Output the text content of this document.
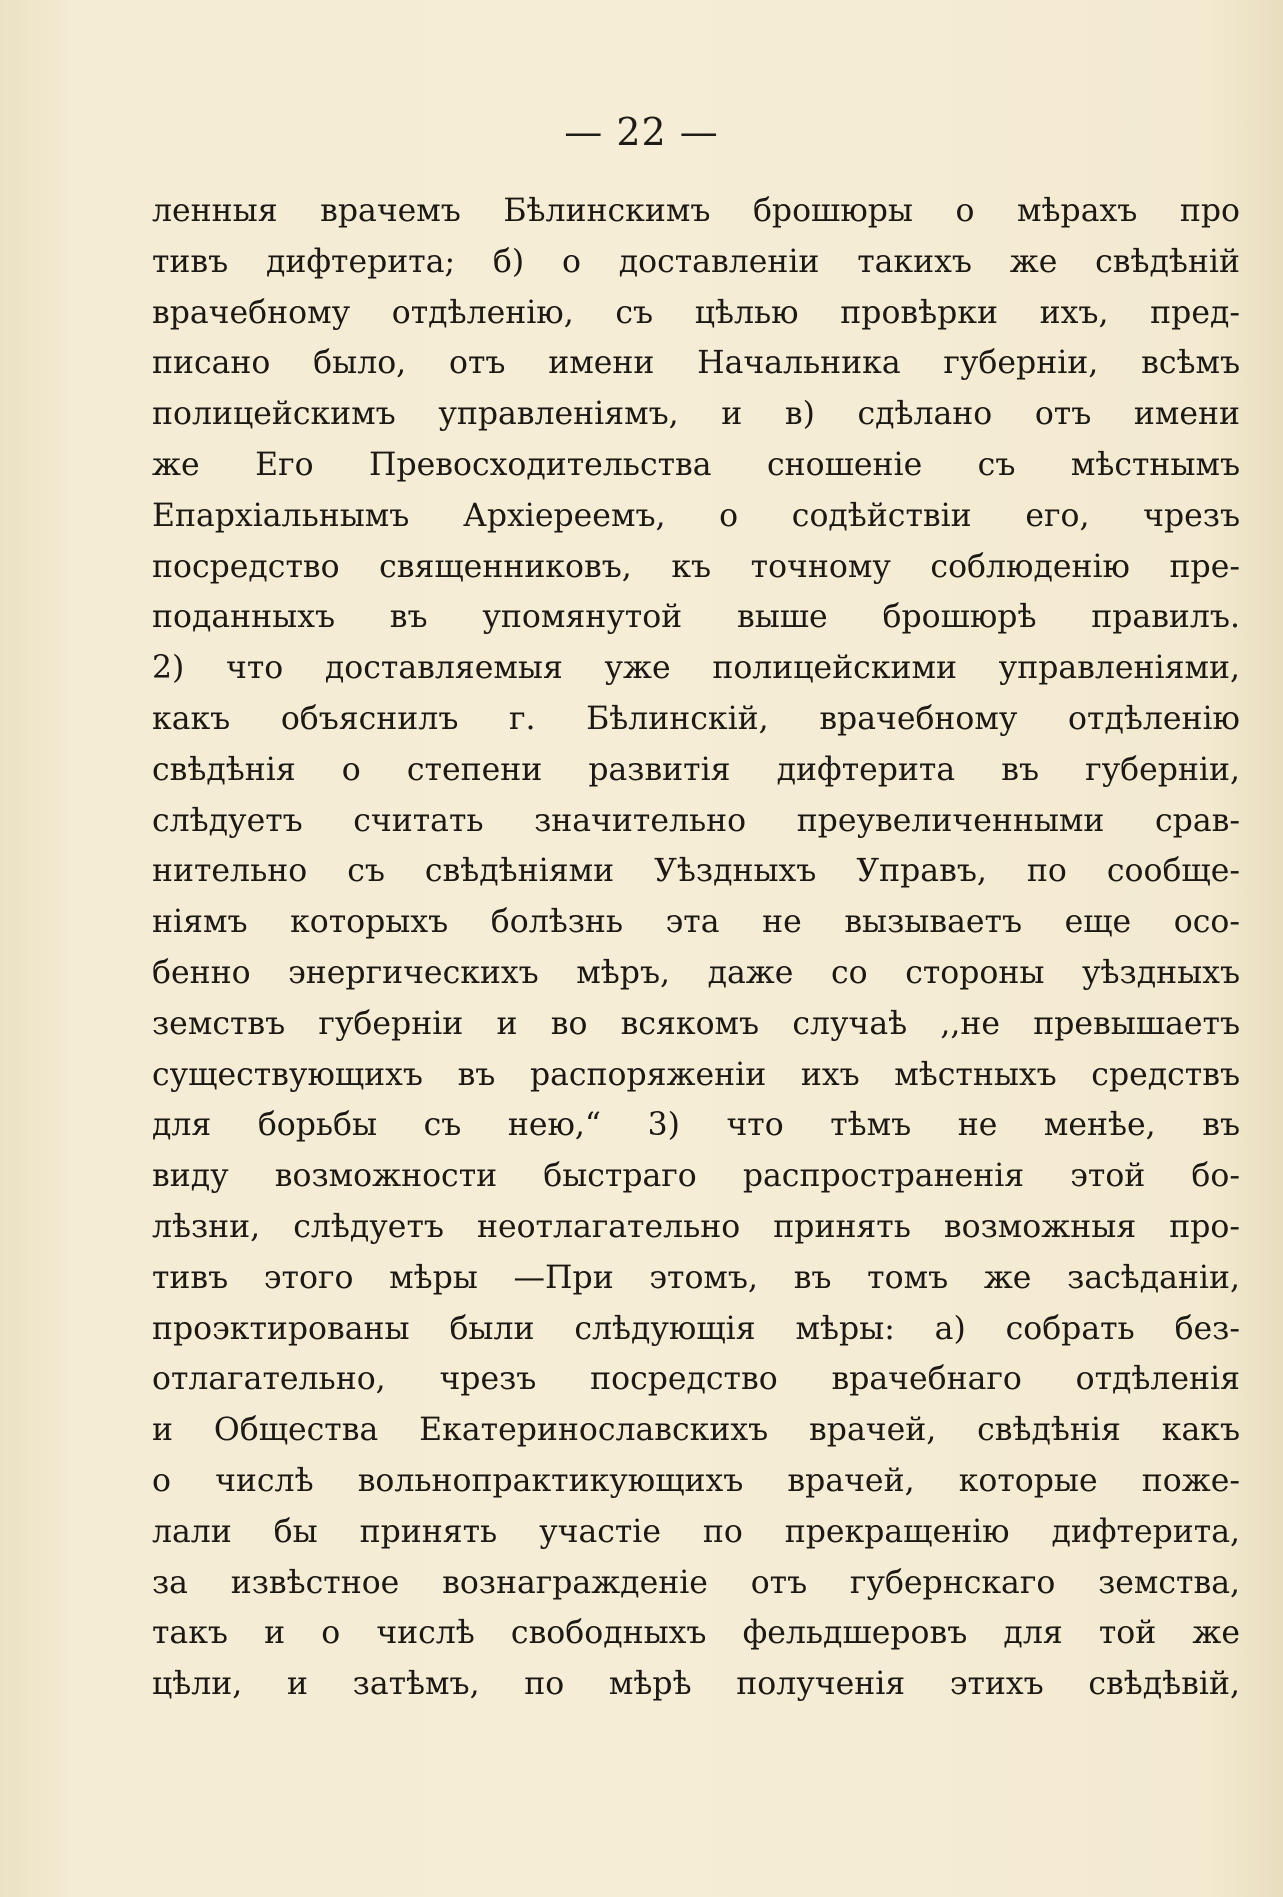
— 22 —
ленныя врачемъ Бѣлинскимъ брошюры о мѣрахъ про
тивъ дифтерита; б) о доставленіи такихъ же свѣдѣній
врачебному отдѣленію, съ цѣлью провѣрки ихъ, пред-
писано было, отъ имени Начальника губерніи, всѣмъ
полицейскимъ управленіямъ, и в) сдѣлано отъ имени
же Его Превосходительства сношеніе съ мѣстнымъ
Епархіальнымъ Архіереемъ, о содѣйствіи его, чрезъ
посредство священниковъ, къ точному соблюденію пре-
поданныхъ въ упомянутой выше брошюрѣ правилъ.
2) что доставляемыя уже полицейскими управленіями,
какъ объяснилъ г. Бѣлинскій, врачебному отдѣленію
свѣдѣнія о степени развитія дифтерита въ губерніи,
слѣдуетъ считать значительно преувеличенными срав-
нительно съ свѣдѣніями Уѣздныхъ Управъ, по сообще-
ніямъ которыхъ болѣзнь эта не вызываетъ еще осо-
бенно энергическихъ мѣръ, даже со стороны уѣздныхъ
земствъ губерніи и во всякомъ случаѣ ,,не превышаетъ
существующихъ въ распоряженіи ихъ мѣстныхъ средствъ
для борьбы съ нею,“ 3) что тѣмъ не менѣе, въ
виду возможности быстраго распространенія этой бо-
лѣзни, слѣдуетъ неотлагательно принять возможныя про-
тивъ этого мѣры —При этомъ, въ томъ же засѣданіи,
проэктированы были слѣдующія мѣры: а) собрать без-
отлагательно, чрезъ посредство врачебнаго отдѣленія
и Общества Екатеринославскихъ врачей, свѣдѣнія какъ
о числѣ вольнопрактикующихъ врачей, которые поже-
лали бы принять участіе по прекращенію дифтерита,
за извѣстное вознагражденіе отъ губернскаго земства,
такъ и о числѣ свободныхъ фельдшеровъ для той же
цѣли, и затѣмъ, по мѣрѣ полученія этихъ свѣдѣвій,
